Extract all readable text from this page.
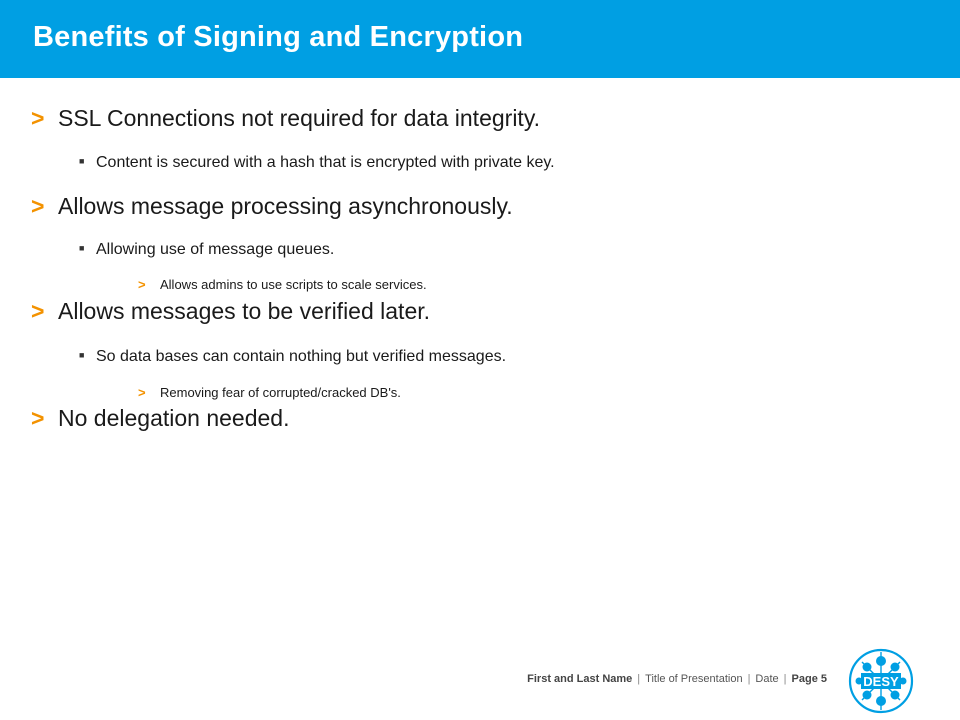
Benefits of Signing and Encryption
> SSL Connections not required for data integrity.
■ Content is secured with a hash that is encrypted with private key.
> Allows message processing asynchronously.
■ Allowing use of message queues.
> Allows admins to use scripts to scale services.
> Allows messages to be verified later.
■ So data bases can contain nothing but verified messages.
> Removing fear of corrupted/cracked DB's.
> No delegation needed.
First and Last Name | Title of Presentation | Date | Page 5	DESY
